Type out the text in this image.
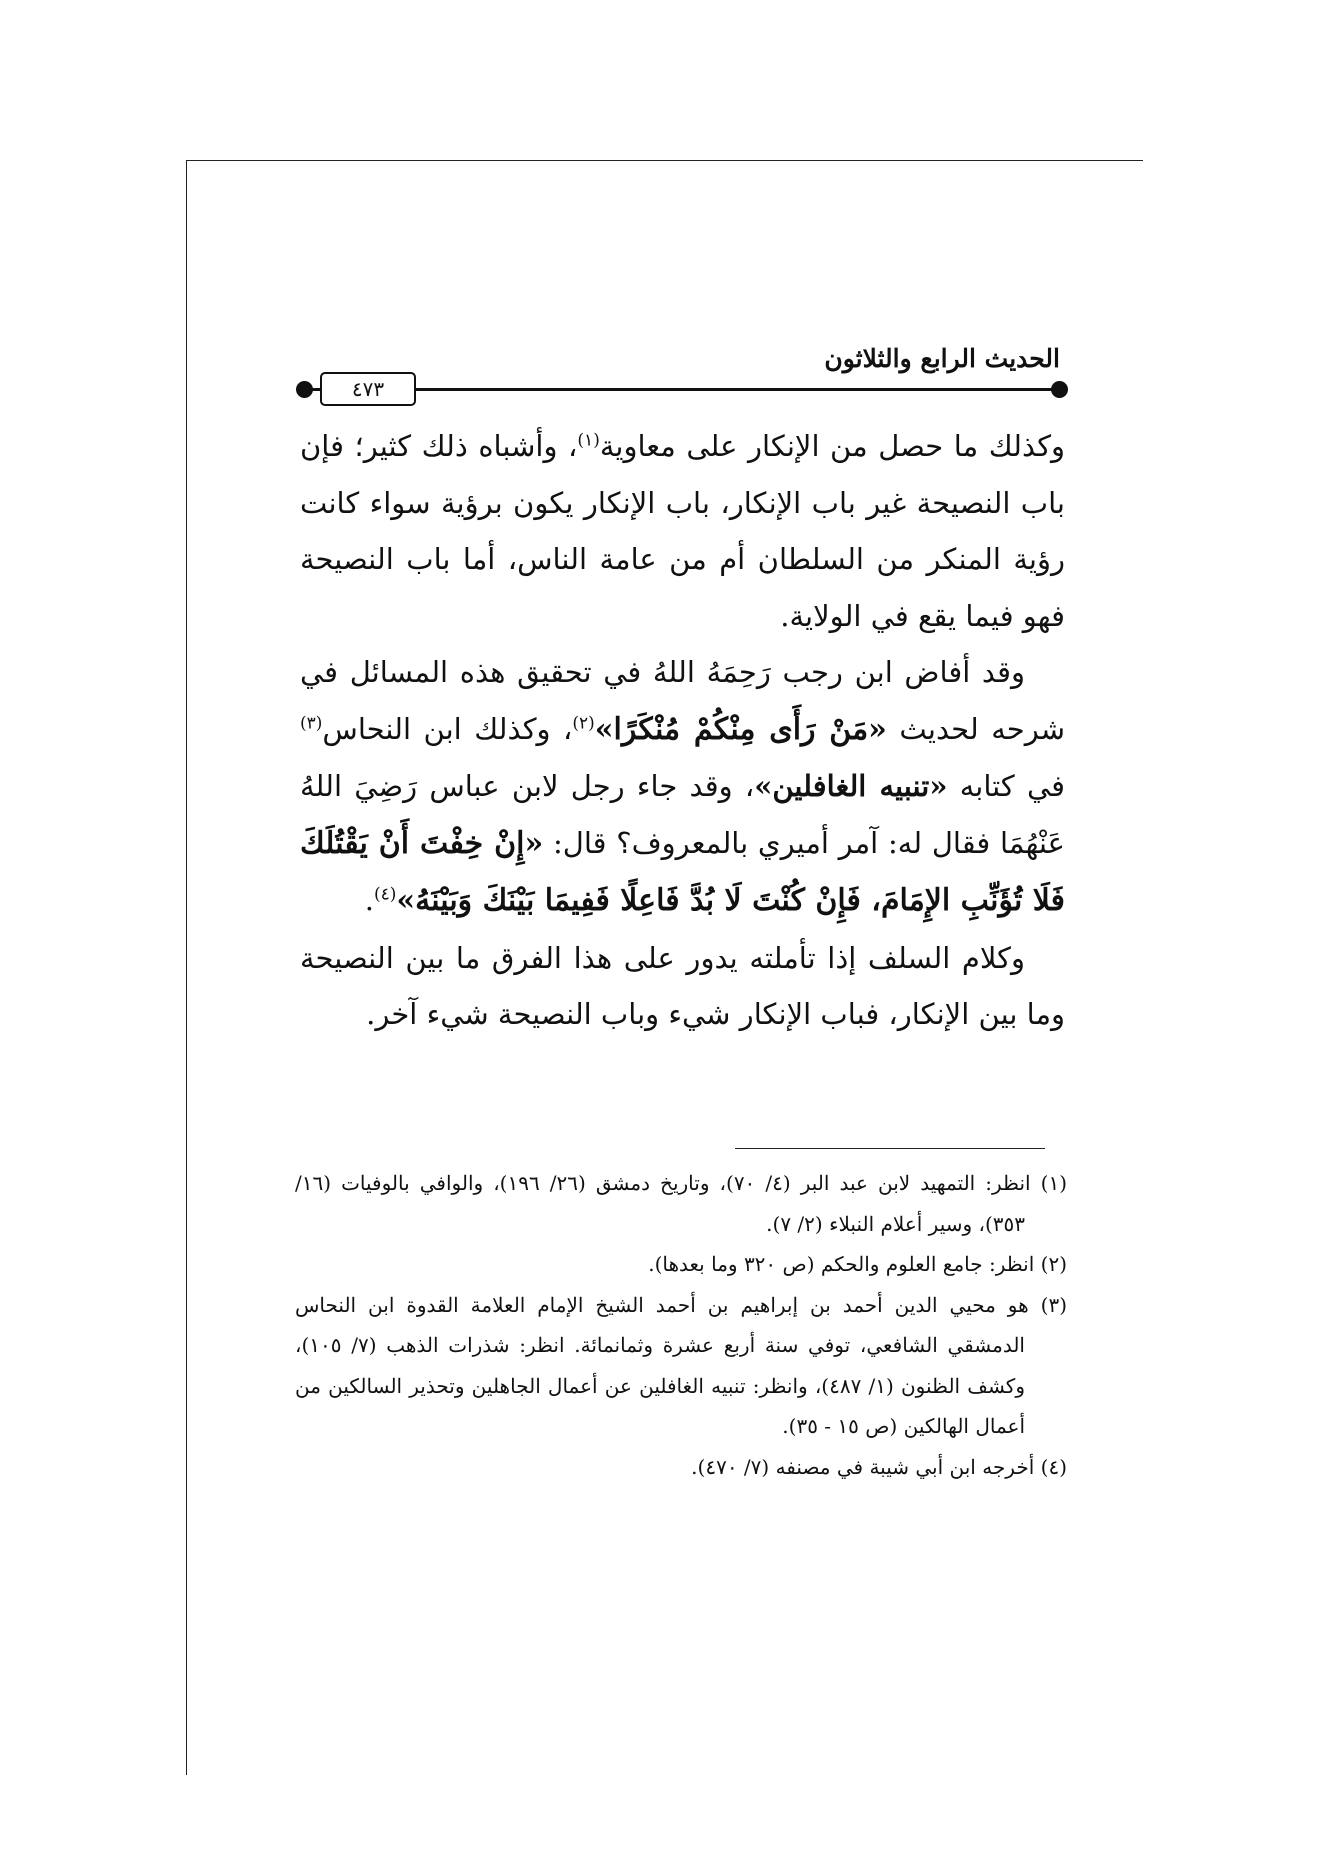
٤٧٣
الحديث الرابع والثلاثون

وكذلك ما حصل من الإنكار على معاوية$^{(١)}$، وأشباه ذلك كثير؛ فإن باب النصيحة غير باب الإنكار، باب الإنكار يكون برؤية سواء كانت رؤية المنكر من السلطان أم من عامة الناس، أما باب النصيحة فهو فيما يقع في الولاية.

وقد أفاض ابن رجب رَحِمَهُ اللهُ في تحقيق هذه المسائل في شرحه لحديث «مَنْ رَأَى مِنْكُمْ مُنْكَرًا»$^{(٢)}$، وكذلك ابن النحاس$^{(٣)}$ في كتابه «تنبيه الغافلين»، وقد جاء رجل لابن عباس رَضِيَ اللهُ عَنْهُمَا فقال له: آمر أميري بالمعروف؟ قال: «إِنْ خِفْتَ أَنْ يَقْتُلَكَ فَلَا تُؤَنِّبِ الإِمَامَ، فَإِنْ كُنْتَ لَا بُدَّ فَاعِلًا فَفِيمَا بَيْنَكَ وَبَيْنَهُ»$^{(٤)}$.

وكلام السلف إذا تأملته يدور على هذا الفرق ما بين النصيحة وما بين الإنكار، فباب الإنكار شيء وباب النصيحة شيء آخر.

(١) انظر: التمهيد لابن عبد البر (٤/ ٧٠)، وتاريخ دمشق (٢٦/ ١٩٦)، والوافي بالوفيات (١٦/ ٣٥٣)، وسير أعلام النبلاء (٢/ ٧).

(٢) انظر: جامع العلوم والحكم (ص ٣٢٠ وما بعدها).

(٣) هو محيي الدين أحمد بن إبراهيم بن أحمد الشيخ الإمام العلامة القدوة ابن النحاس الدمشقي الشافعي، توفي سنة أربع عشرة وثمانمائة. انظر: شذرات الذهب (٧/ ١٠٥)، وكشف الظنون (١/ ٤٨٧)، وانظر: تنبيه الغافلين عن أعمال الجاهلين وتحذير السالكين من أعمال الهالكين (ص ١٥ - ٣٥).

(٤) أخرجه ابن أبي شيبة في مصنفه (٧/ ٤٧٠).
